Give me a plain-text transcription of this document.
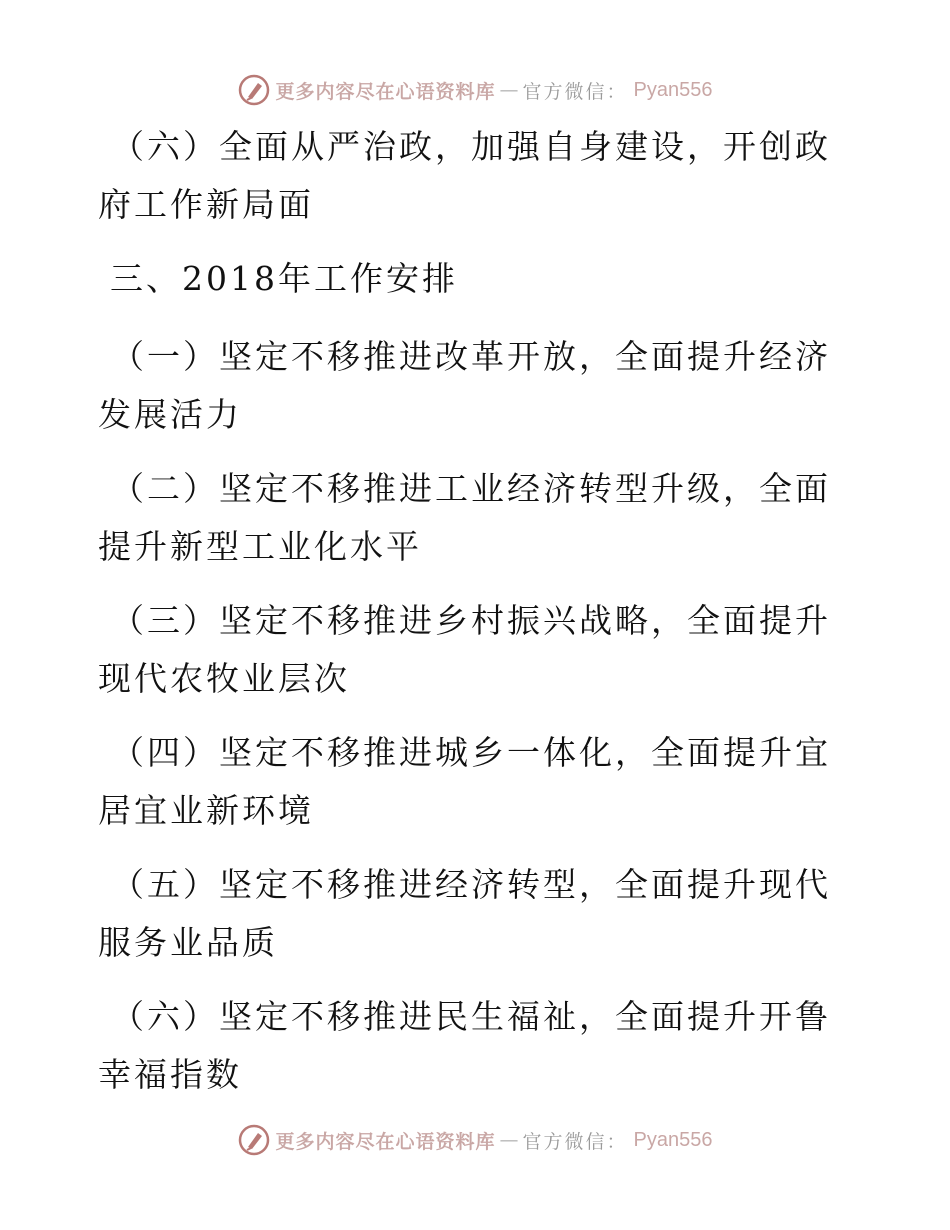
更多内容尽在心语资料库 — 官方微信： Pyan556

（六）全面从严治政，加强自身建设，开创政府工作新局面

三、2018年工作安排

（一）坚定不移推进改革开放，全面提升经济发展活力

（二）坚定不移推进工业经济转型升级，全面提升新型工业化水平

（三）坚定不移推进乡村振兴战略，全面提升现代农牧业层次

（四）坚定不移推进城乡一体化，全面提升宜居宜业新环境

（五）坚定不移推进经济转型，全面提升现代服务业品质

（六）坚定不移推进民生福祉，全面提升开鲁幸福指数

更多内容尽在心语资料库 — 官方微信： Pyan556
